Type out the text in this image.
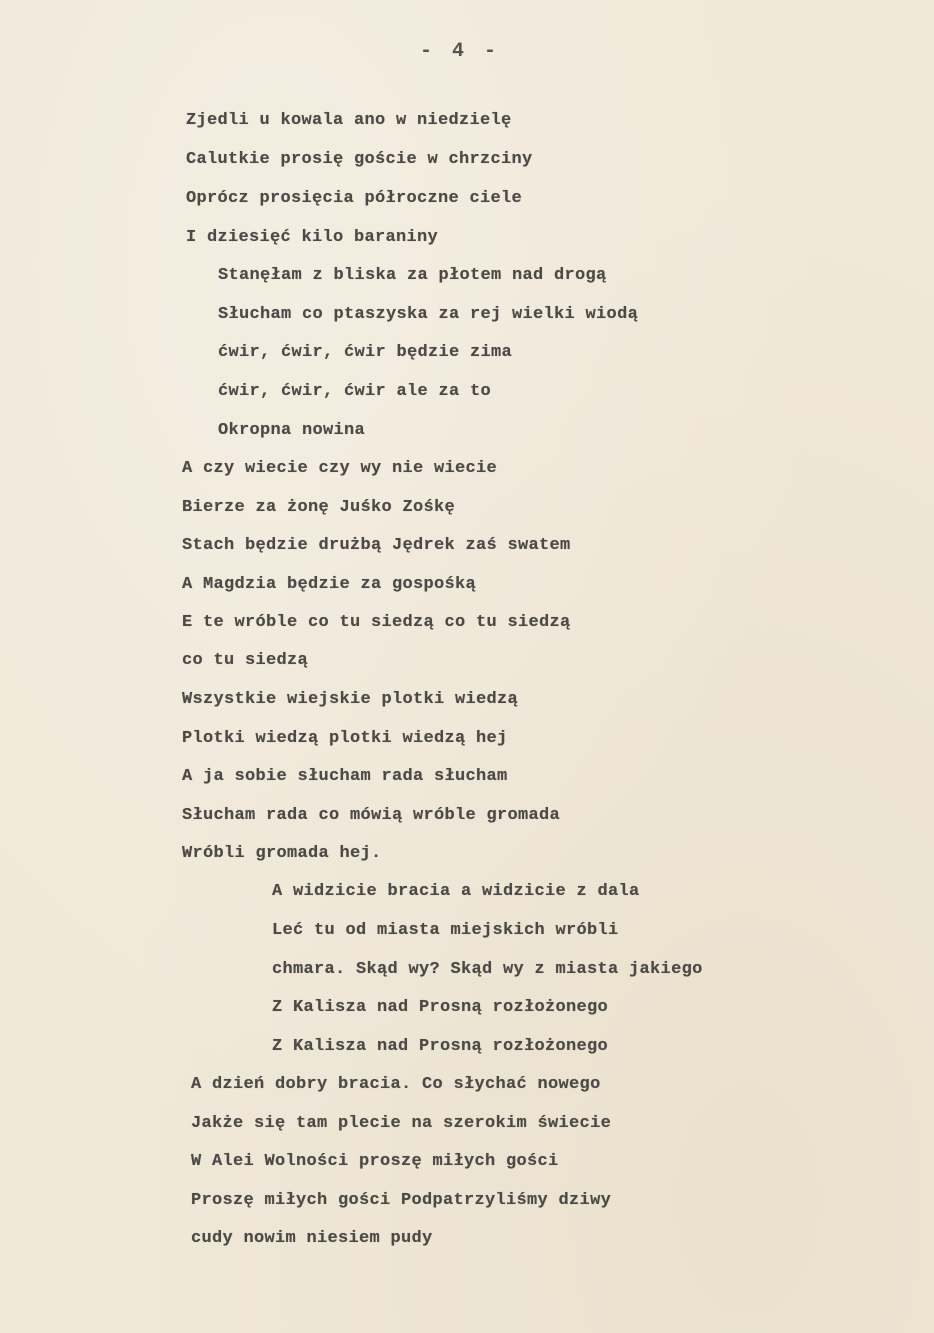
- 4 -
Zjedli u kowala ano w niedzielę
Calutkie prosię goście w chrzciny
Oprócz prosięcia półroczne ciele
I dziesięć kilo baraniny
Stanęłam z bliska za płotem nad drogą
Słucham co ptaszyska za rej wielki wiodą
ćwir, ćwir, ćwir będzie zima
ćwir, ćwir, ćwir ale za to
Okropna nowina
A czy wiecie czy wy nie wiecie
Bierze za żonę Juśko Zośkę
Stach będzie drużbą Jędrek zaś swatem
A Magdzia będzie za gospośką
E te wróble co tu siedzą co tu siedzą
co tu siedzą
Wszystkie wiejskie plotki wiedzą
Plotki wiedzą plotki wiedzą hej
A ja sobie słucham rada słucham
Słucham rada co mówią wróble gromada
Wróbli gromada hej.
A widzicie bracia a widzicie z dala
Leć tu od miasta miejskich wróbli
chmara. Skąd wy? Skąd wy z miasta jakiego
Z Kalisza nad Prosną rozłożonego
Z Kalisza nad Prosną rozłożonego
A dzień dobry bracia. Co słychać nowego
Jakże się tam plecie na szerokim świecie
W Alei Wolności proszę miłych gości
Proszę miłych gości Podpatrzyliśmy dziwy
cudy nowim niesiem pudy
